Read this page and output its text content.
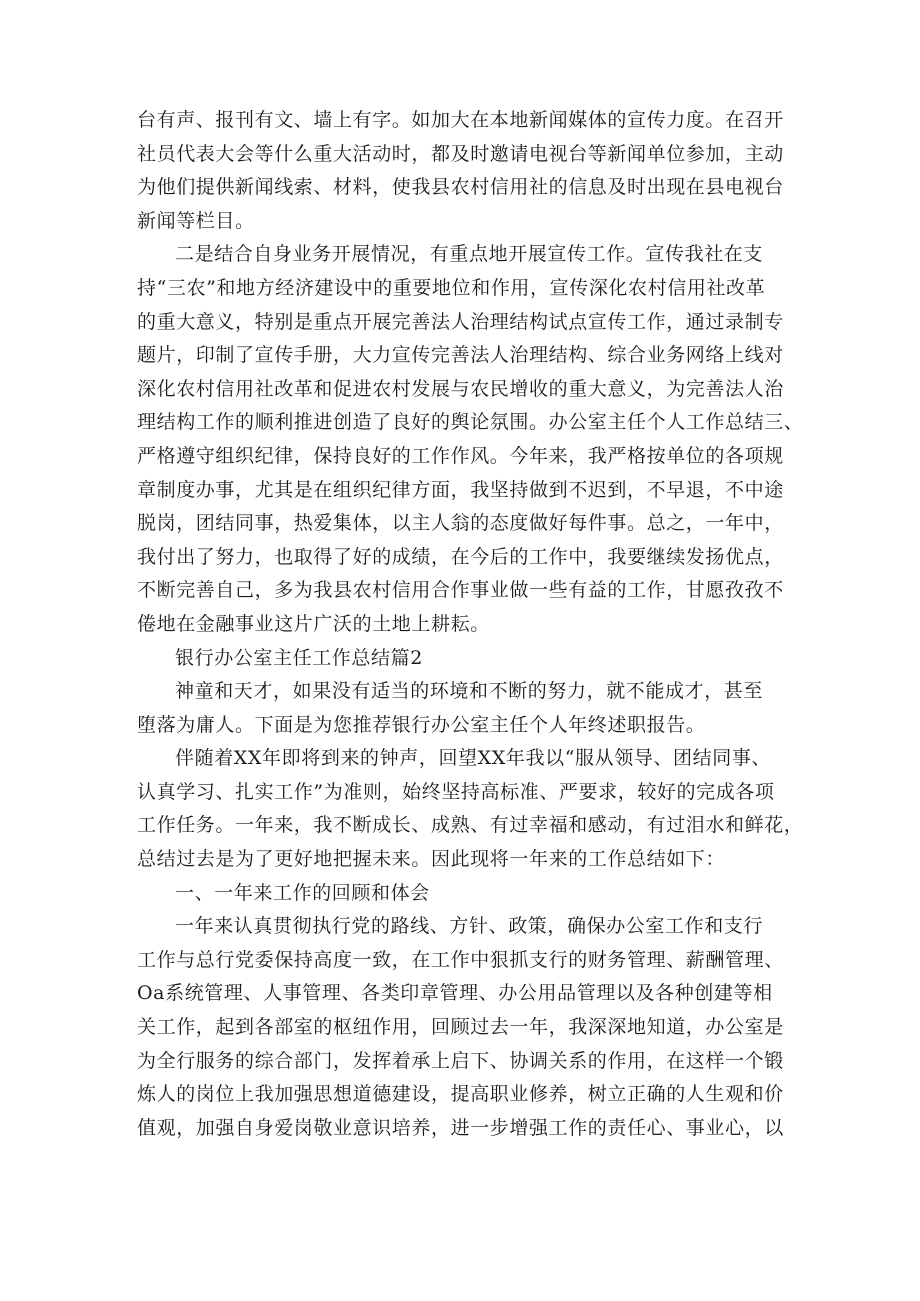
台有声、报刊有文、墙上有字。如加大在本地新闻媒体的宣传力度。在召开
社员代表大会等什么重大活动时，都及时邀请电视台等新闻单位参加，主动
为他们提供新闻线索、材料，使我县农村信用社的信息及时出现在县电视台
新闻等栏目。
二是结合自身业务开展情况，有重点地开展宣传工作。宣传我社在支
持“三农”和地方经济建设中的重要地位和作用，宣传深化农村信用社改革
的重大意义，特别是重点开展完善法人治理结构试点宣传工作，通过录制专
题片，印制了宣传手册，大力宣传完善法人治理结构、综合业务网络上线对
深化农村信用社改革和促进农村发展与农民增收的重大意义，为完善法人治
理结构工作的顺利推进创造了良好的舆论氛围。办公室主任个人工作总结三、
严格遵守组织纪律，保持良好的工作作风。今年来，我严格按单位的各项规
章制度办事，尤其是在组织纪律方面，我坚持做到不迟到，不早退，不中途
脱岗，团结同事，热爱集体，以主人翁的态度做好每件事。总之，一年中，
我付出了努力，也取得了好的成绩，在今后的工作中，我要继续发扬优点，
不断完善自己，多为我县农村信用合作事业做一些有益的工作，甘愿孜孜不
倦地在金融事业这片广沃的土地上耕耘。
银行办公室主任工作总结篇2
神童和天才，如果没有适当的环境和不断的努力，就不能成才，甚至
堕落为庸人。下面是为您推荐银行办公室主任个人年终述职报告。
伴随着XX年即将到来的钟声，回望XX年我以“服从领导、团结同事、
认真学习、扎实工作”为准则，始终坚持高标准、严要求，较好的完成各项
工作任务。一年来，我不断成长、成熟、有过幸福和感动，有过泪水和鲜花，
总结过去是为了更好地把握未来。因此现将一年来的工作总结如下：
一、一年来工作的回顾和体会
一年来认真贯彻执行党的路线、方针、政策，确保办公室工作和支行
工作与总行党委保持高度一致，在工作中狠抓支行的财务管理、薪酬管理、
Oa系统管理、人事管理、各类印章管理、办公用品管理以及各种创建等相
关工作，起到各部室的枢纽作用，回顾过去一年，我深深地知道，办公室是
为全行服务的综合部门，发挥着承上启下、协调关系的作用，在这样一个锻
炼人的岗位上我加强思想道德建设，提高职业修养，树立正确的人生观和价
值观，加强自身爱岗敬业意识培养，进一步增强工作的责任心、事业心，以
